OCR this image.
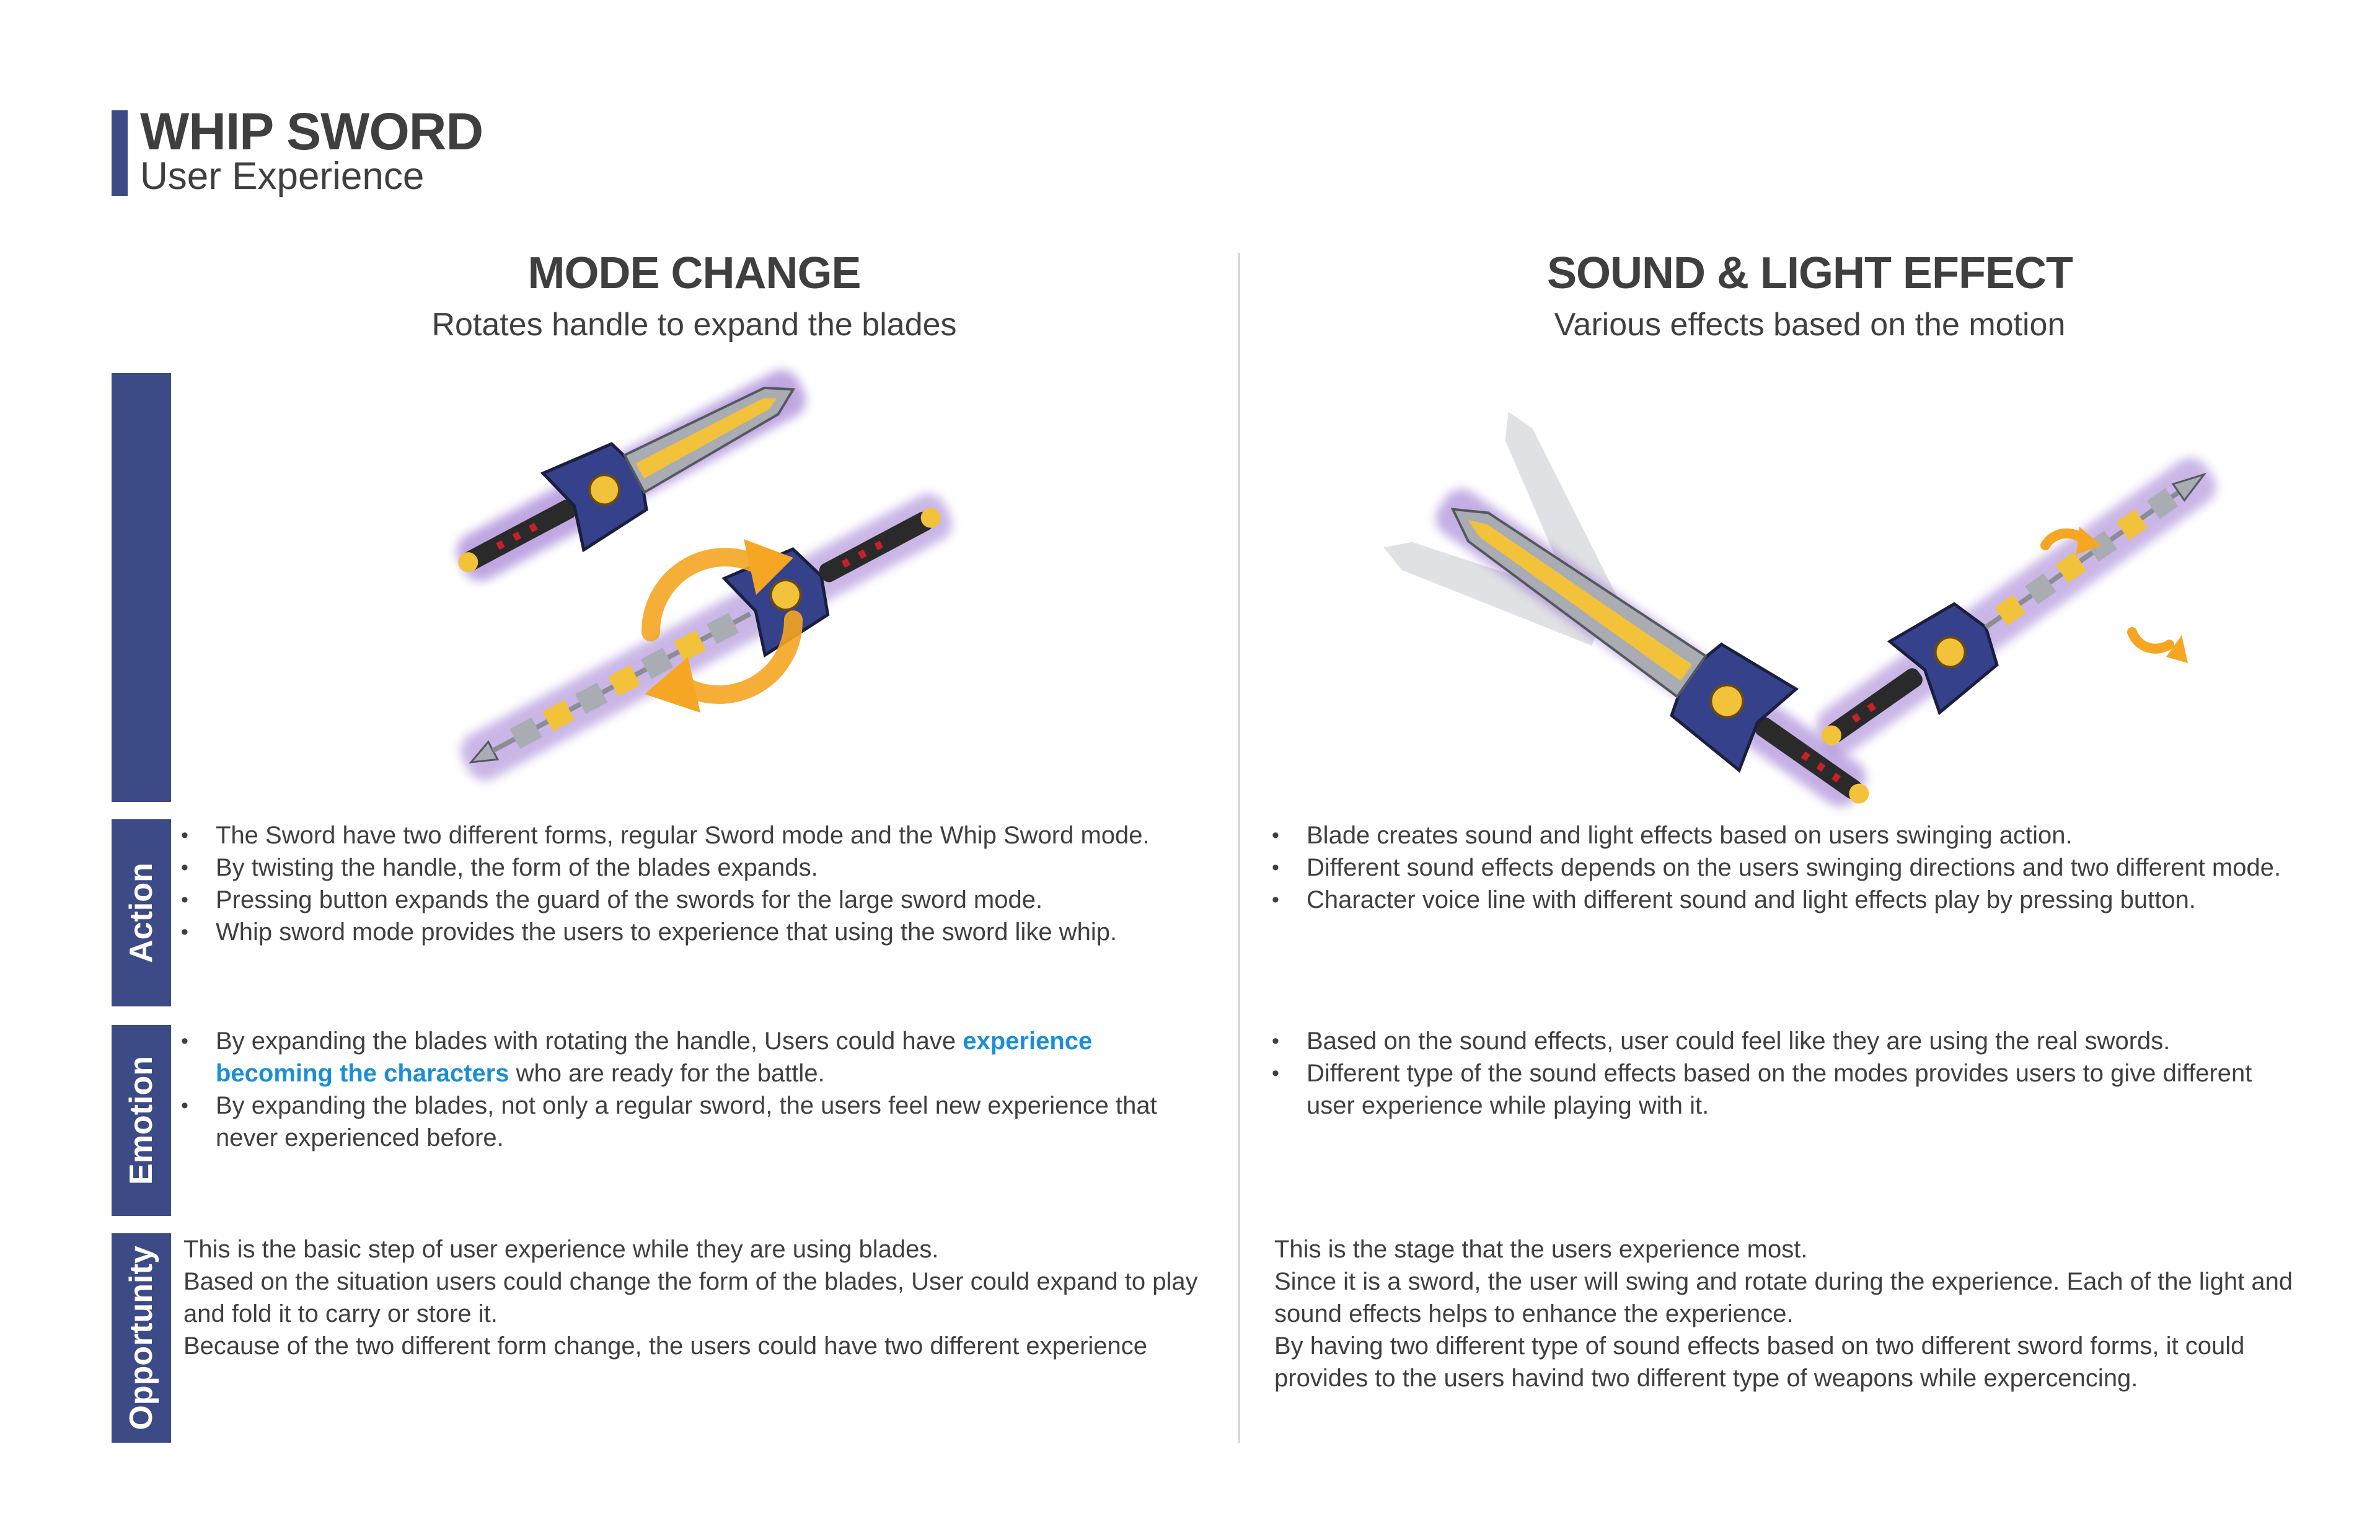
WHIP SWORD
User Experience
MODE CHANGE
Rotates handle to expand the blades
SOUND & LIGHT EFFECT
Various effects based on the motion
Action
Emotion
Opportunity
• The Sword have two different forms, regular Sword mode and the Whip Sword mode.
• By twisting the handle, the form of the blades expands.
• Pressing button expands the guard of the swords for the large sword mode.
• Whip sword mode provides the users to experience that using the sword like whip.
• By expanding the blades with rotating the handle, Users could have experience becoming the characters who are ready for the battle.
• By expanding the blades, not only a regular sword, the users feel new experience that never experienced before.
This is the basic step of user experience while they are using blades.
Based on the situation users could change the form of the blades, User could expand to play and fold it to carry or store it.
Because of the two different form change, the users could have two different experience
• Blade creates sound and light effects based on users swinging action.
• Different sound effects depends on the users swinging directions and two different mode.
• Character voice line with different sound and light effects play by pressing button.
• Based on the sound effects, user could feel like they are using the real swords.
• Different type of the sound effects based on the modes provides users to give different user experience while playing with it.
This is the stage that the users experience most.
Since it is a sword, the user will swing and rotate during the experience. Each of the light and sound effects helps to enhance the experience.
By having two different type of sound effects based on two different sword forms, it could provides to the users havind two different type of weapons while expercencing.
